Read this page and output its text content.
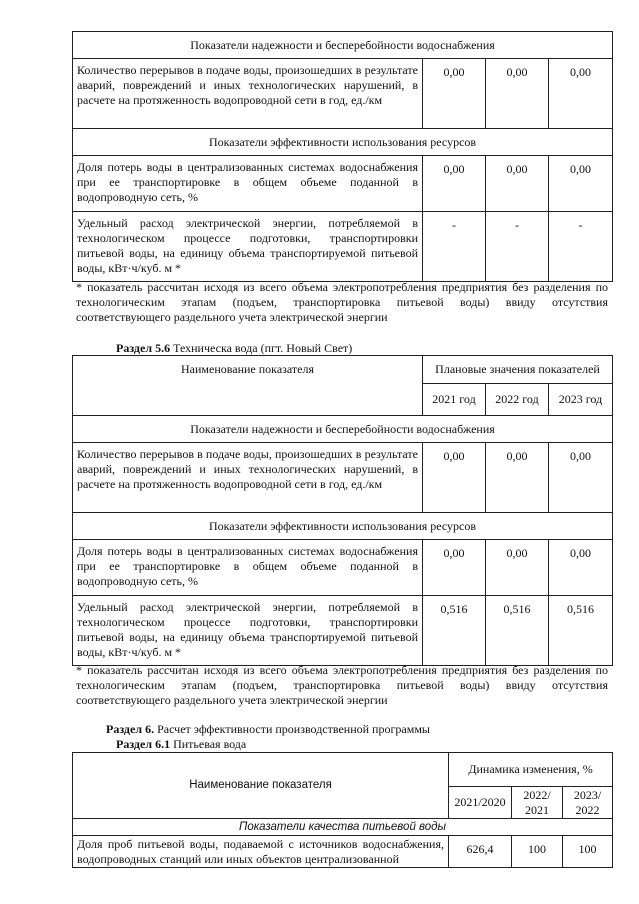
Показатели надежности и бесперебойности водоснабжения			
Количество перерывов в подаче воды, произошедших в результате аварий, повреждений и иных технологических нарушений, в расчете на протяженность водопроводной сети в год, ед./км	0,00	0,00	0,00
Показатели эффективности использования ресурсов			
Доля потерь воды в централизованных системах водоснабжения при ее транспортировке в общем объеме поданной в водопроводную сеть, %	0,00	0,00	0,00
Удельный расход электрической энергии, потребляемой в технологическом процессе подготовки, транспортировки питьевой воды, на единицу объема транспортируемой питьевой воды, кВт·ч/куб. м *	-	-	-
* показатель рассчитан исходя из всего объема электропотребления предприятия без разделения по технологическим этапам (подъем, транспортировка питьевой воды) ввиду отсутствия соответствующего раздельного учета электрической энергии
Раздел 5.6 Техническа вода (пгт. Новый Свет)
Наименование показателя	Плановые значения показателей		
	2021 год	2022 год	2023 год
Показатели надежности и бесперебойности водоснабжения			
Количество перерывов в подаче воды, произошедших в результате аварий, повреждений и иных технологических нарушений, в расчете на протяженность водопроводной сети в год, ед./км	0,00	0,00	0,00
Показатели эффективности использования ресурсов			
Доля потерь воды в централизованных системах водоснабжения при ее транспортировке в общем объеме поданной в водопроводную сеть, %	0,00	0,00	0,00
Удельный расход электрической энергии, потребляемой в технологическом процессе подготовки, транспортировки питьевой воды, на единицу объема транспортируемой питьевой воды, кВт·ч/куб. м *	0,516	0,516	0,516
* показатель рассчитан исходя из всего объема электропотребления предприятия без разделения по технологическим этапам (подъем, транспортировка питьевой воды) ввиду отсутствия соответствующего раздельного учета электрической энергии
Раздел 6. Расчет эффективности производственной программы
Раздел 6.1 Питьевая вода
Наименование показателя	Динамика изменения, %		
	2021/2020	2022/ 2021	2023/ 2022
Показатели качества питьевой воды			
Доля проб питьевой воды, подаваемой с источников водоснабжения, водопроводных станций или иных объектов централизованной	626,4	100	100
